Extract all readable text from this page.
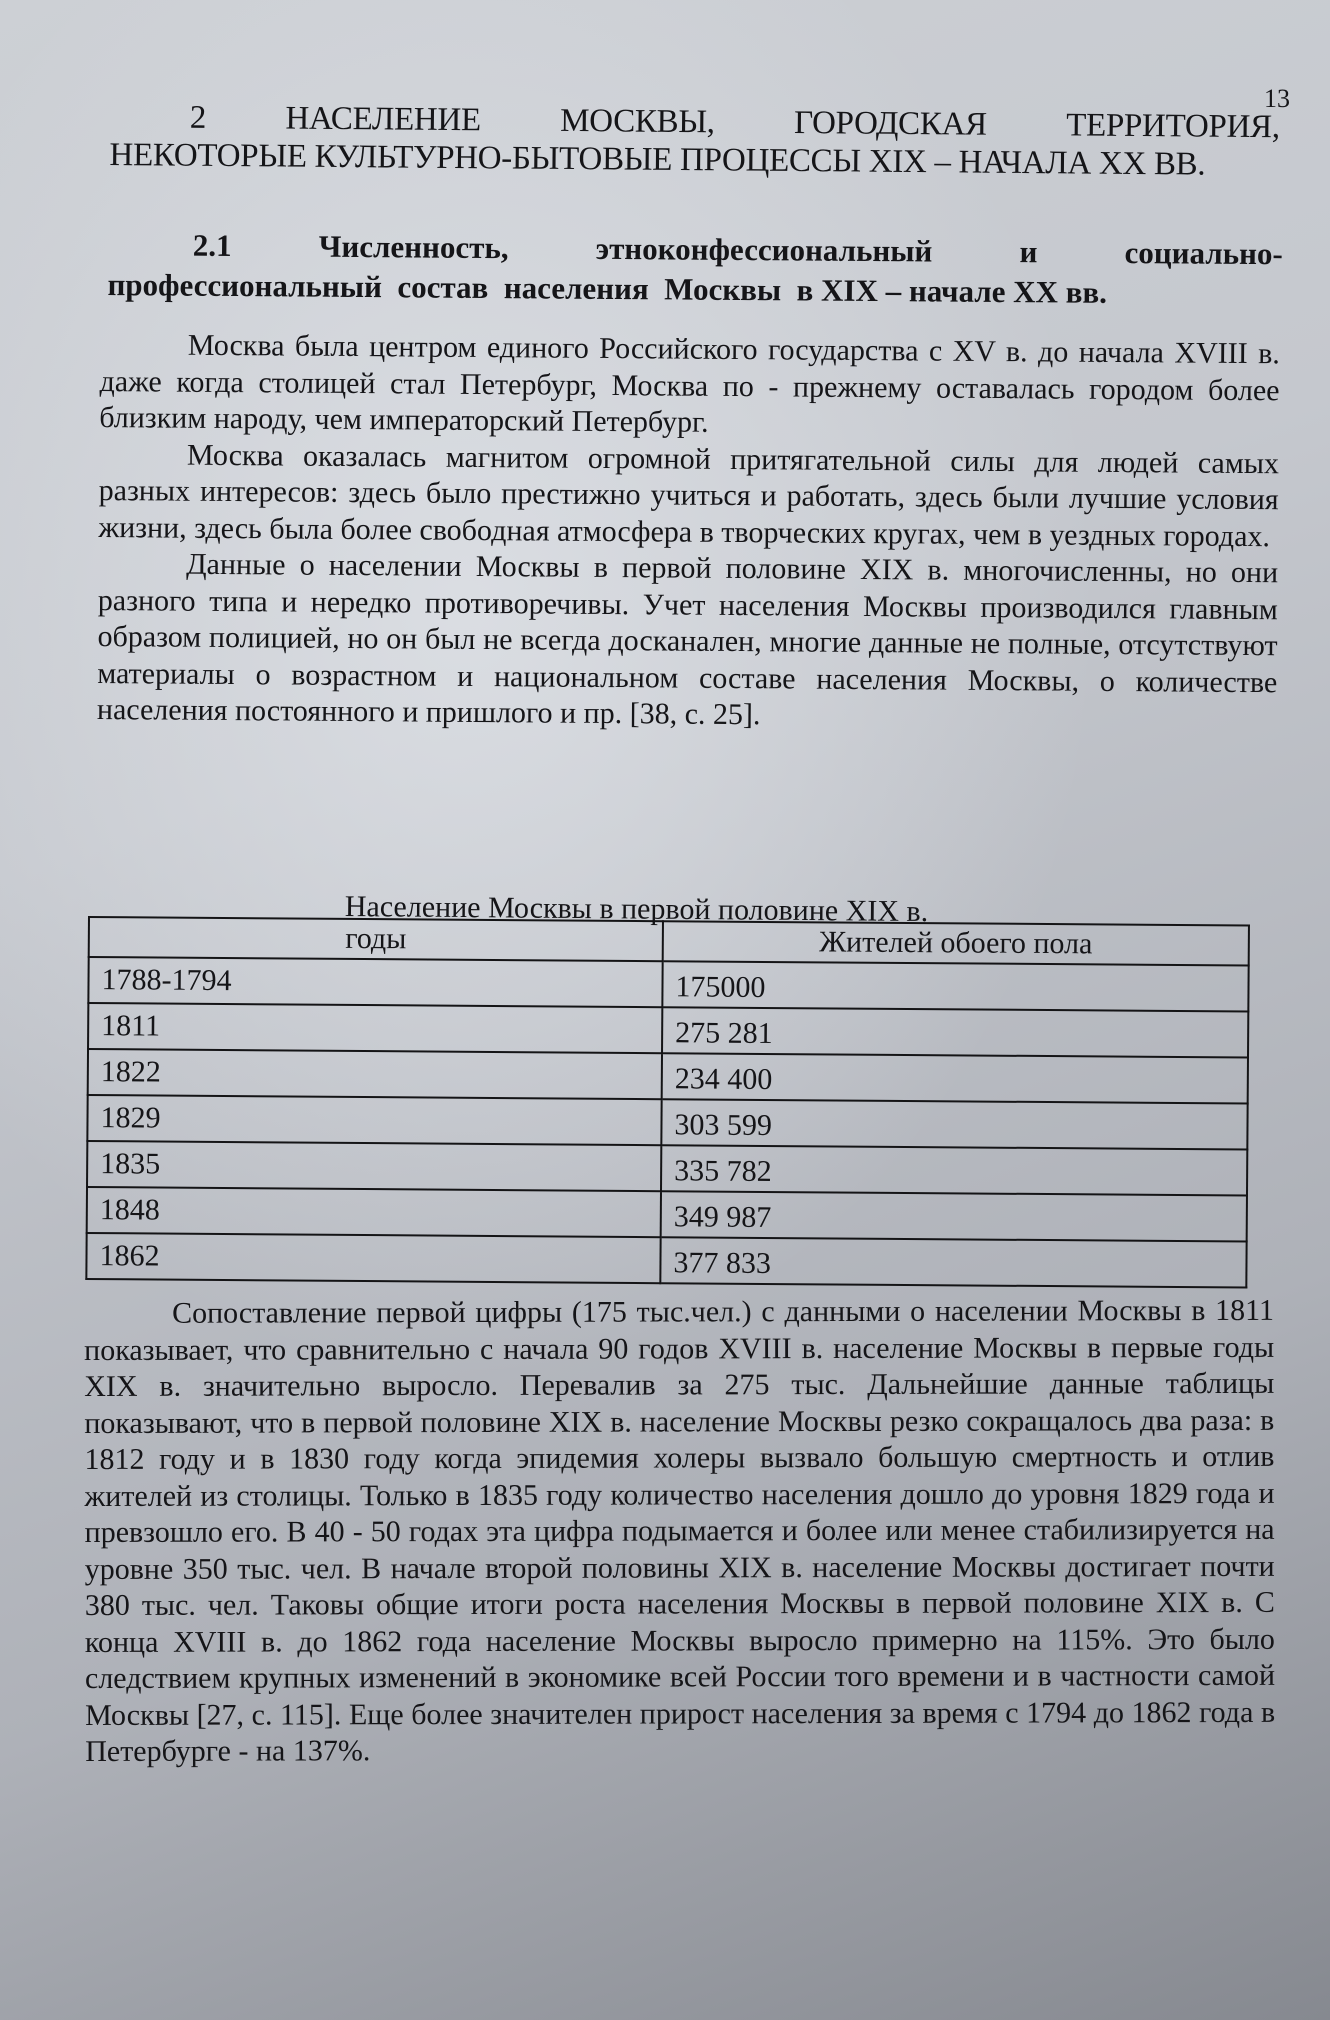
13
2 НАСЕЛЕНИЕ МОСКВЫ, ГОРОДСКАЯ ТЕРРИТОРИЯ,
НЕКОТОРЫЕ КУЛЬТУРНО-БЫТОВЫЕ ПРОЦЕССЫ XIX – НАЧАЛА XX ВВ.
2.1	Численность,	этноконфессиональный	и	социально-
профессиональный  состав  населения  Москвы  в XIX – начале XX вв.

Москва была центром единого Российского государства с XV в. до начала XVIII в. даже когда столицей стал Петербург, Москва по - прежнему оставалась городом более близким народу, чем императорский Петербург.

Москва оказалась магнитом огромной притягательной силы для людей самых разных интересов: здесь было престижно учиться и работать, здесь были лучшие условия жизни, здесь была более свободная атмосфера в творческих кругах, чем в уездных городах.

Данные о населении Москвы в первой половине XIX в. многочисленны, но они разного типа и нередко противоречивы. Учет населения Москвы производился главным образом полицией, но он был не всегда досканален, многие данные не полные, отсутствуют материалы о возрастном и национальном составе населения Москвы, о количестве населения постоянного и пришлого и пр. [38, с. 25].

Население Москвы в первой половине XIX в.
годы	Жителей обоего пола
1788-1794	175000
1811	275 281
1822	234 400
1829	303 599
1835	335 782
1848	349 987
1862	377 833

Сопоставление первой цифры (175 тыс.чел.) с данными о населении Москвы в 1811 показывает, что сравнительно с начала 90 годов XVIII в. население Москвы в первые годы XIX в. значительно выросло. Перевалив за 275 тыс. Дальнейшие данные таблицы показывают, что в первой половине XIX в. население Москвы резко сокращалось два раза: в 1812 году и в 1830 году когда эпидемия холеры вызвало большую смертность и отлив жителей из столицы. Только в 1835 году количество населения дошло до уровня 1829 года и превзошло его. В 40 - 50 годах эта цифра подымается и более или менее стабилизируется на уровне 350 тыс. чел. В начале второй половины XIX в. население Москвы достигает почти 380 тыс. чел. Таковы общие итоги роста населения Москвы в первой половине XIX в. С конца XVIII в. до 1862 года население Москвы выросло примерно на 115%. Это было следствием крупных изменений в экономике всей России того времени и в частности самой Москвы [27, с. 115]. Еще более значителен прирост населения за время с 1794 до 1862 года в Петербурге - на 137%.
